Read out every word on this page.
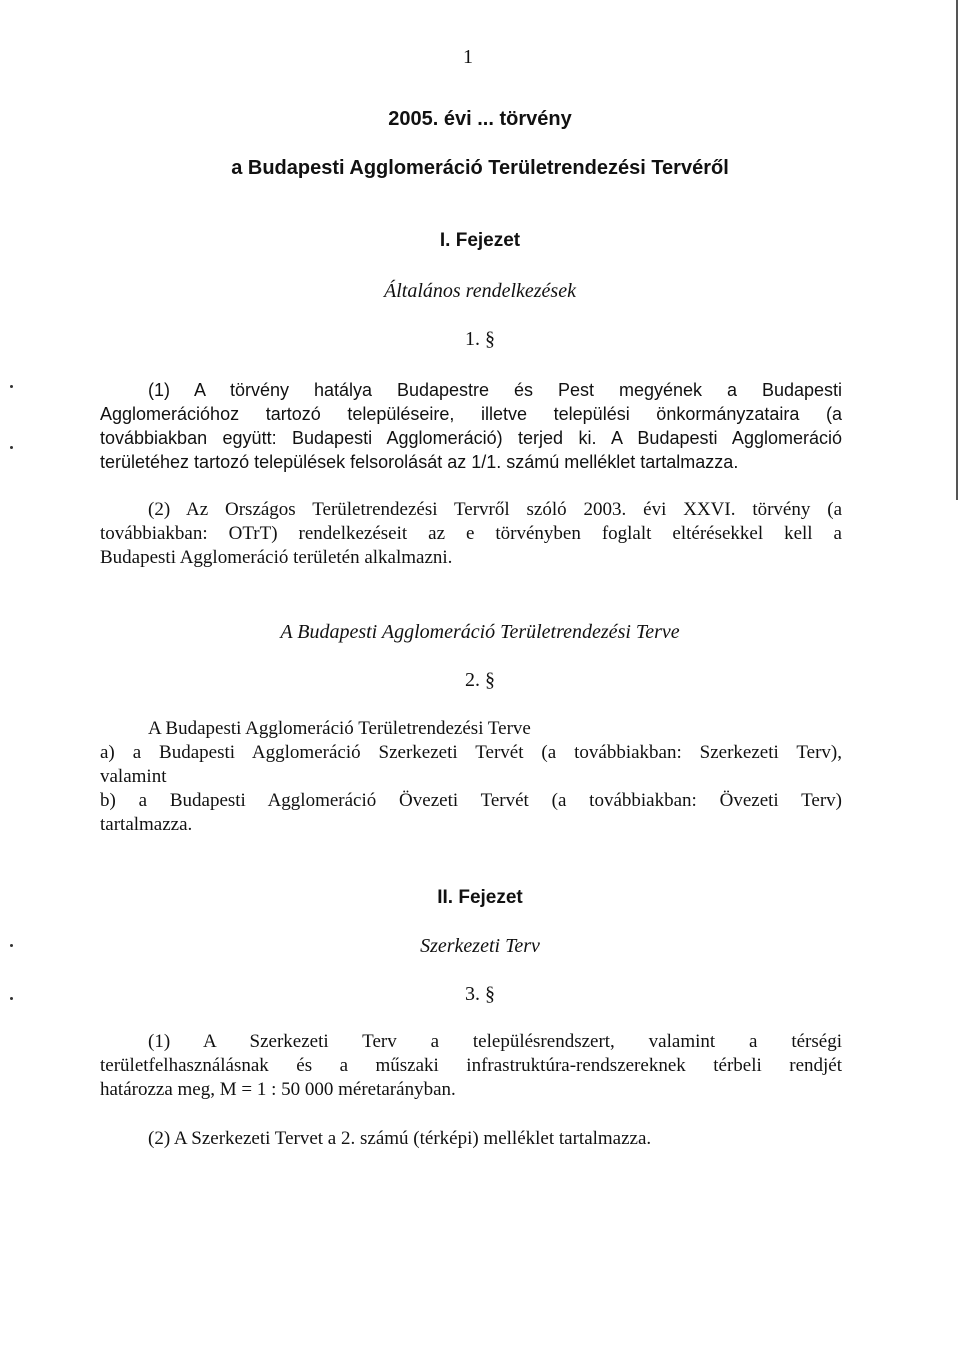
1
2005. évi ... törvény
a Budapesti Agglomeráció Területrendezési Tervéről
I. Fejezet
Általános rendelkezések
1. §
(1) A törvény hatálya Budapestre és Pest megyének a Budapesti
Agglomerációhoz tartozó településeire, illetve települési önkormányzataira (a
továbbiakban együtt: Budapesti Agglomeráció) terjed ki. A Budapesti Agglomeráció
területéhez tartozó települések felsorolását az 1/1. számú melléklet tartalmazza.
(2) Az Országos Területrendezési Tervről szóló 2003. évi XXVI. törvény (a
továbbiakban: OTrT) rendelkezéseit az e törvényben foglalt eltérésekkel kell a
Budapesti Agglomeráció területén alkalmazni.
A Budapesti Agglomeráció Területrendezési Terve
2. §
A Budapesti Agglomeráció Területrendezési Terve
a) a Budapesti Agglomeráció Szerkezeti Tervét (a továbbiakban: Szerkezeti Terv),
valamint
b) a Budapesti Agglomeráció Övezeti Tervét (a továbbiakban: Övezeti Terv)
tartalmazza.
II. Fejezet
Szerkezeti Terv
3. §
(1) A Szerkezeti Terv a településrendszert, valamint a térségi
területfelhasználásnak és a műszaki infrastruktúra-rendszereknek térbeli rendjét
határozza meg, M = 1 : 50 000 méretarányban.
(2) A Szerkezeti Tervet a 2. számú (térképi) melléklet tartalmazza.
